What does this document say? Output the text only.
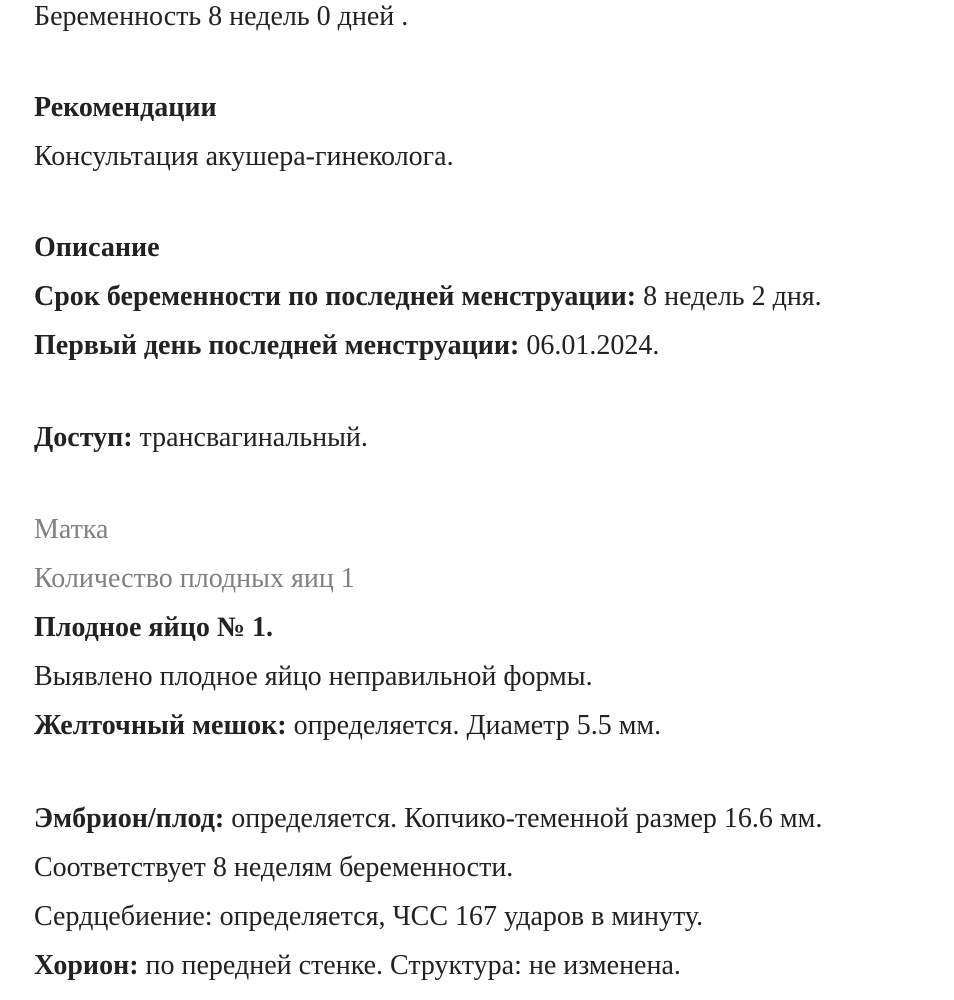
Беременность 8 недель 0 дней .
Рекомендации
Консультация акушера-гинеколога.
Описание
Срок беременности по последней менструации: 8 недель 2 дня.
Первый день последней менструации: 06.01.2024.
Доступ: трансвагинальный.
Матка
Количество плодных яиц 1
Плодное яйцо № 1.
Выявлено плодное яйцо неправильной формы.
Желточный мешок: определяется. Диаметр 5.5 мм.
Эмбрион/плод: определяется. Копчико-теменной размер 16.6 мм.
Соответствует 8 неделям беременности.
Сердцебиение: определяется, ЧСС 167 ударов в минуту.
Хорион: по передней стенке. Структура: не изменена.
